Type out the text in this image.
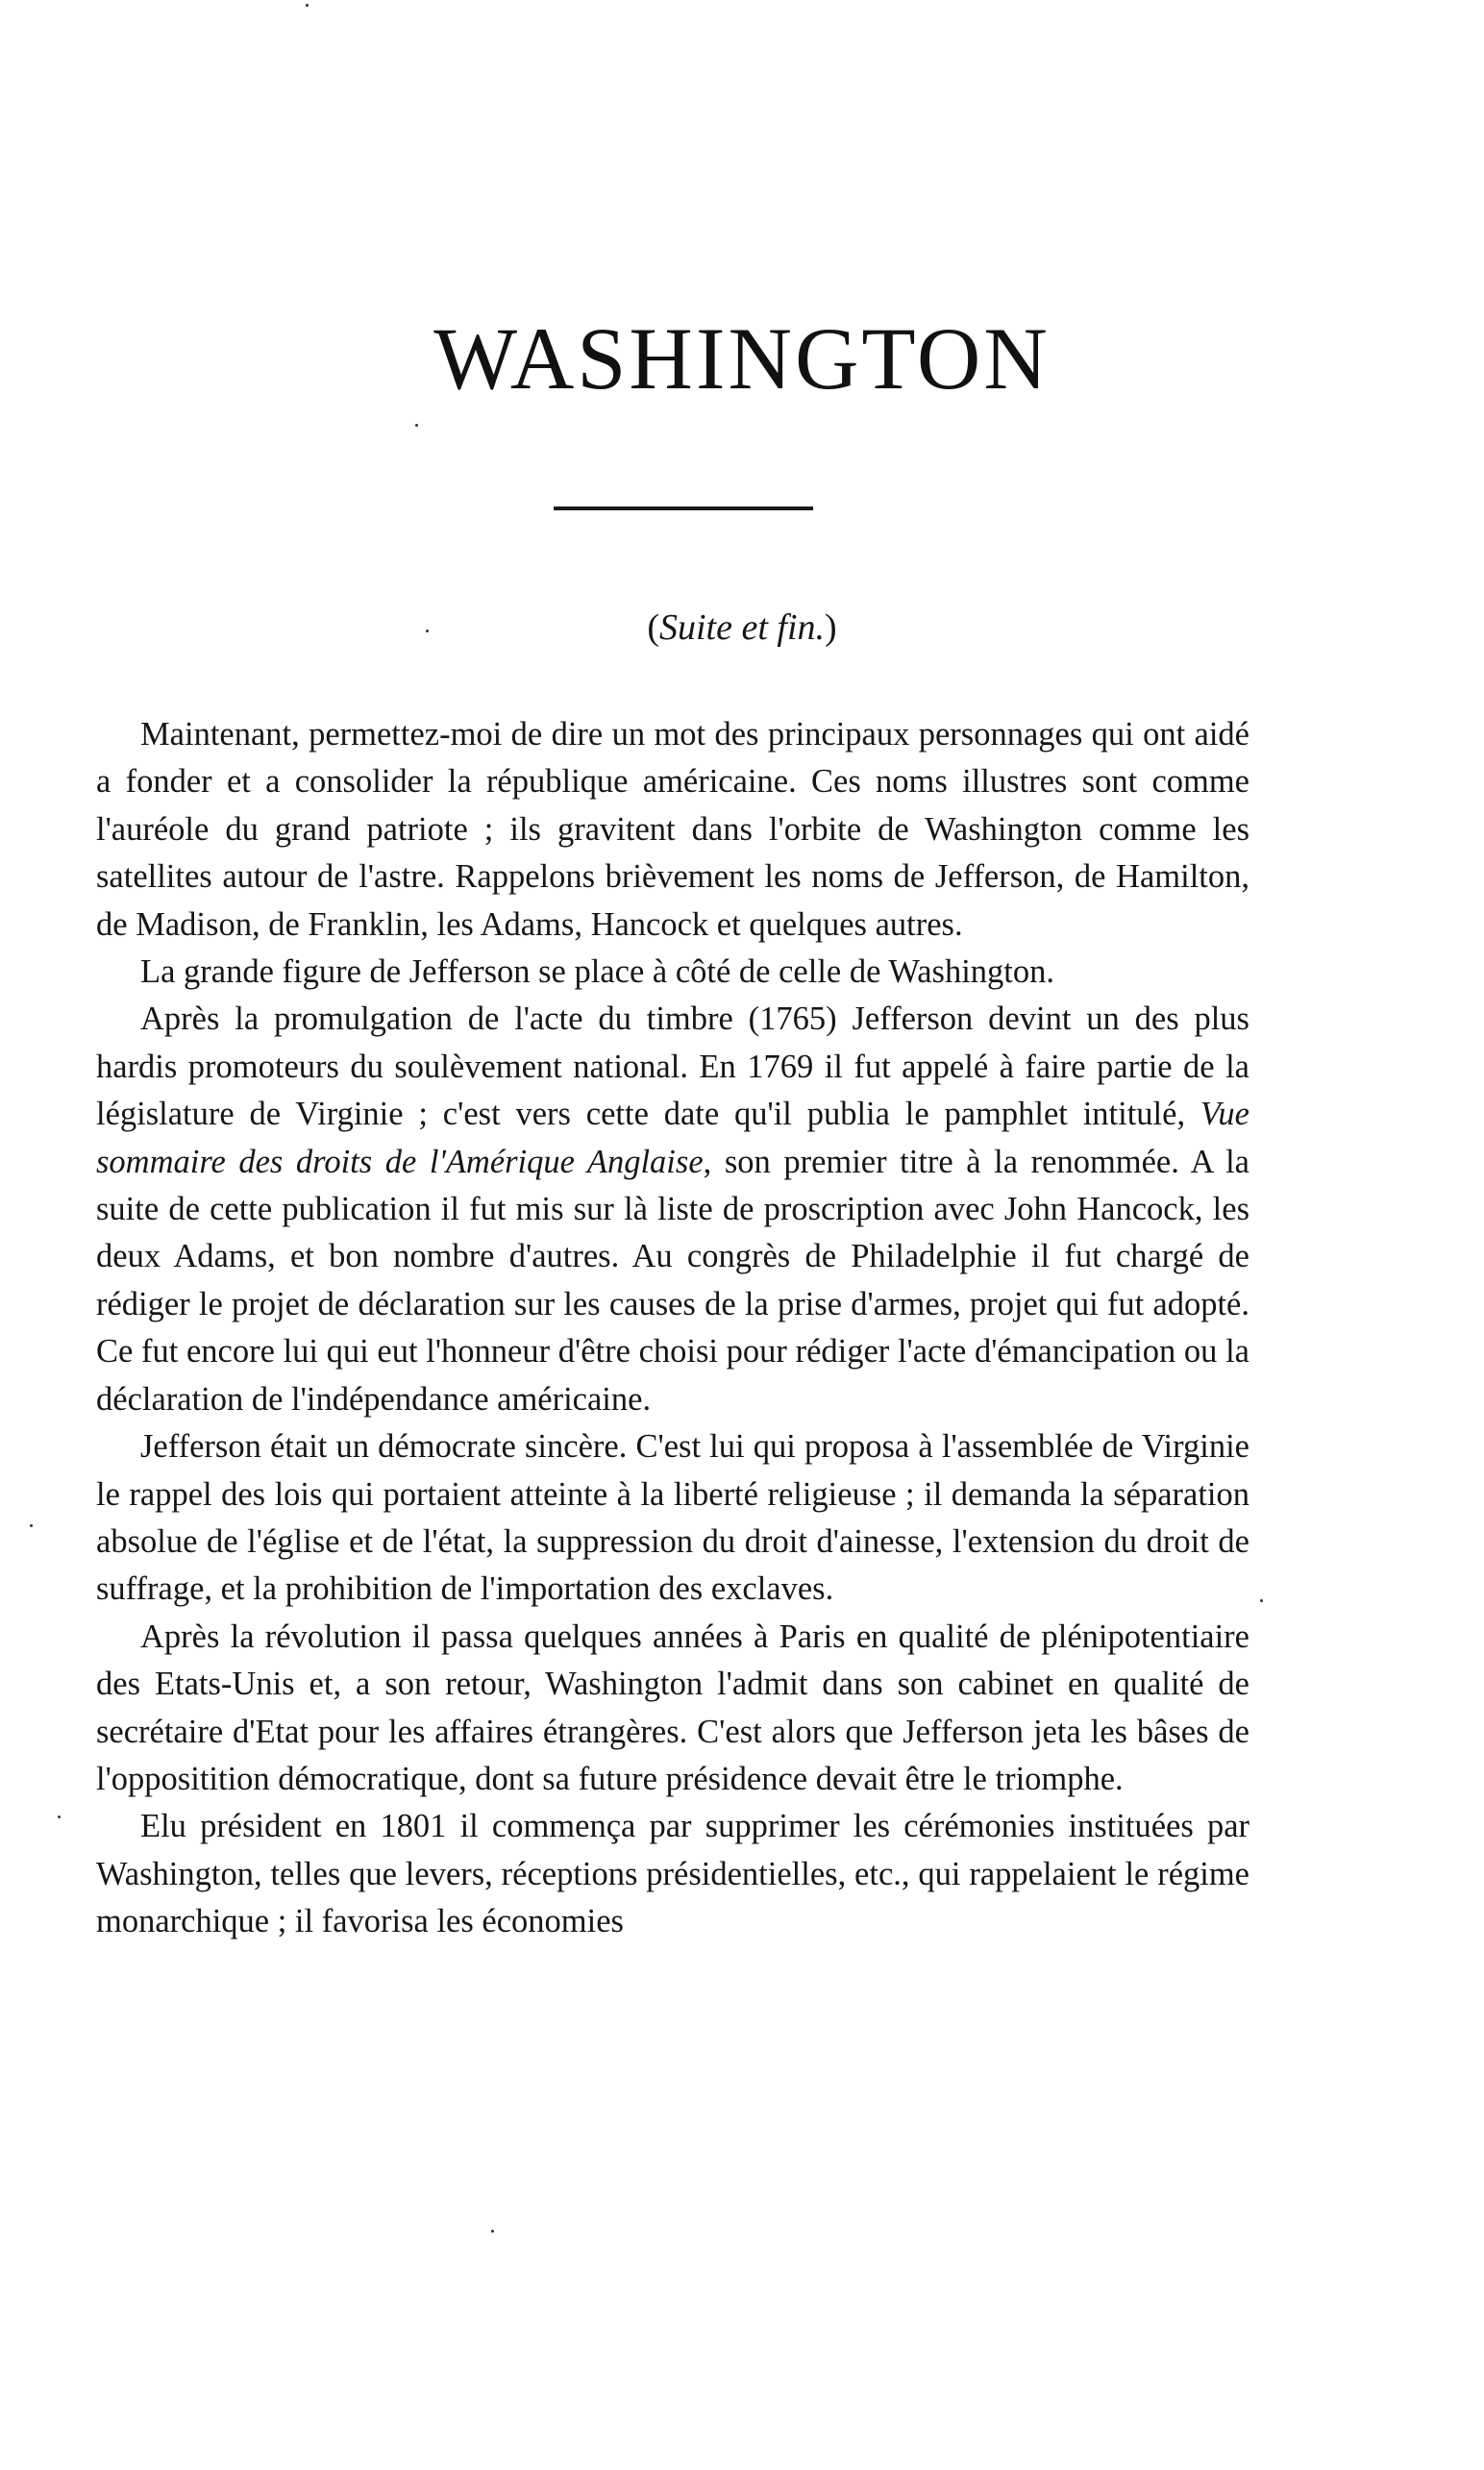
WASHINGTON
(Suite et fin.)

Maintenant, permettez-moi de dire un mot des principaux personnages qui ont aidé a fonder et a consolider la république américaine. Ces noms illustres sont comme l'auréole du grand patriote ; ils gravitent dans l'orbite de Washington comme les satellites autour de l'astre. Rappelons brièvement les noms de Jefferson, de Hamilton, de Madison, de Franklin, les Adams, Hancock et quelques autres.

La grande figure de Jefferson se place à côté de celle de Washington.

Après la promulgation de l'acte du timbre (1765) Jefferson devint un des plus hardis promoteurs du soulèvement national. En 1769 il fut appelé à faire partie de la législature de Virginie ; c'est vers cette date qu'il publia le pamphlet intitulé, Vue sommaire des droits de l'Amérique Anglaise, son premier titre à la renommée. A la suite de cette publication il fut mis sur là liste de proscription avec John Hancock, les deux Adams, et bon nombre d'autres. Au congrès de Philadelphie il fut chargé de rédiger le projet de déclaration sur les causes de la prise d'armes, projet qui fut adopté. Ce fut encore lui qui eut l'honneur d'être choisi pour rédiger l'acte d'émancipation ou la déclaration de l'indépendance américaine.

Jefferson était un démocrate sincère. C'est lui qui proposa à l'assemblée de Virginie le rappel des lois qui portaient atteinte à la liberté religieuse ; il demanda la séparation absolue de l'église et de l'état, la suppression du droit d'ainesse, l'extension du droit de suffrage, et la prohibition de l'importation des exclaves.

Après la révolution il passa quelques années à Paris en qualité de plénipotentiaire des Etats-Unis et, a son retour, Washington l'admit dans son cabinet en qualité de secrétaire d'Etat pour les affaires étrangères. C'est alors que Jefferson jeta les bâses de l'oppositition démocratique, dont sa future présidence devait être le triomphe.

Elu président en 1801 il commença par supprimer les cérémonies instituées par Washington, telles que levers, réceptions présidentielles, etc., qui rappelaient le régime monarchique ; il favorisa les économies
